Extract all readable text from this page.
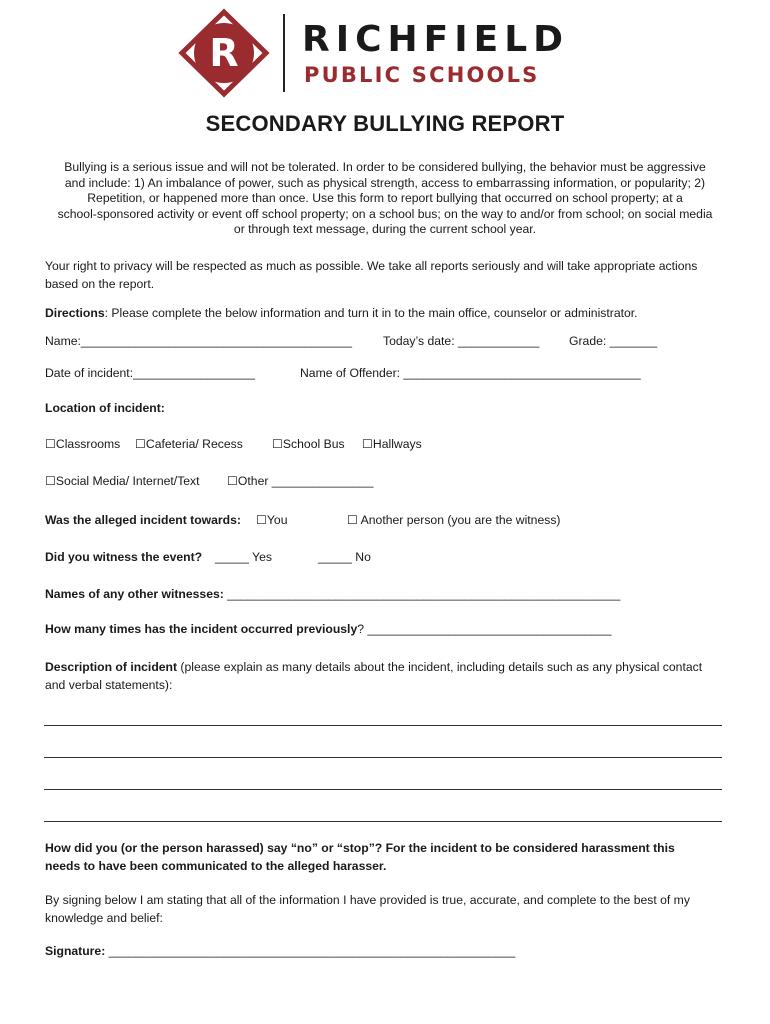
R RICHFIELD
PUBLIC SCHOOLS
SECONDARY BULLYING REPORT
Bullying is a serious issue and will not be tolerated. In order to be considered bullying, the behavior must be aggressive
and include: 1) An imbalance of power, such as physical strength, access to embarrassing information, or popularity; 2)
Repetition, or happened more than once. Use this form to report bullying that occurred on school property; at a
school-sponsored activity or event off school property; on a school bus; on the way to and/or from school; on social media
or through text message, during the current school year.
Your right to privacy will be respected as much as possible. We take all reports seriously and will take appropriate actions
based on the report.
Directions: Please complete the below information and turn it in to the main office, counselor or administrator.
Name:________________________________________	Today’s date: ____________ Grade: _______
Date of incident:__________________	Name of Offender: ___________________________________
Location of incident:
☐Classrooms ☐Cafeteria/ Recess ☐School Bus ☐Hallways
☐Social Media/ Internet/Text ☐Other _______________
Was the alleged incident towards: ☐You	☐ Another person (you are the witness)
Did you witness the event? _____ Yes	_____ No
Names of any other witnesses: __________________________________________________________
How many times has the incident occurred previously? ____________________________________
Description of incident (please explain as many details about the incident, including details such as any physical contact
and verbal statements):
How did you (or the person harassed) say “no” or “stop”? For the incident to be considered harassment this
needs to have been communicated to the alleged harasser.
By signing below I am stating that all of the information I have provided is true, accurate, and complete to the best of my
knowledge and belief:
Signature: ____________________________________________________________
